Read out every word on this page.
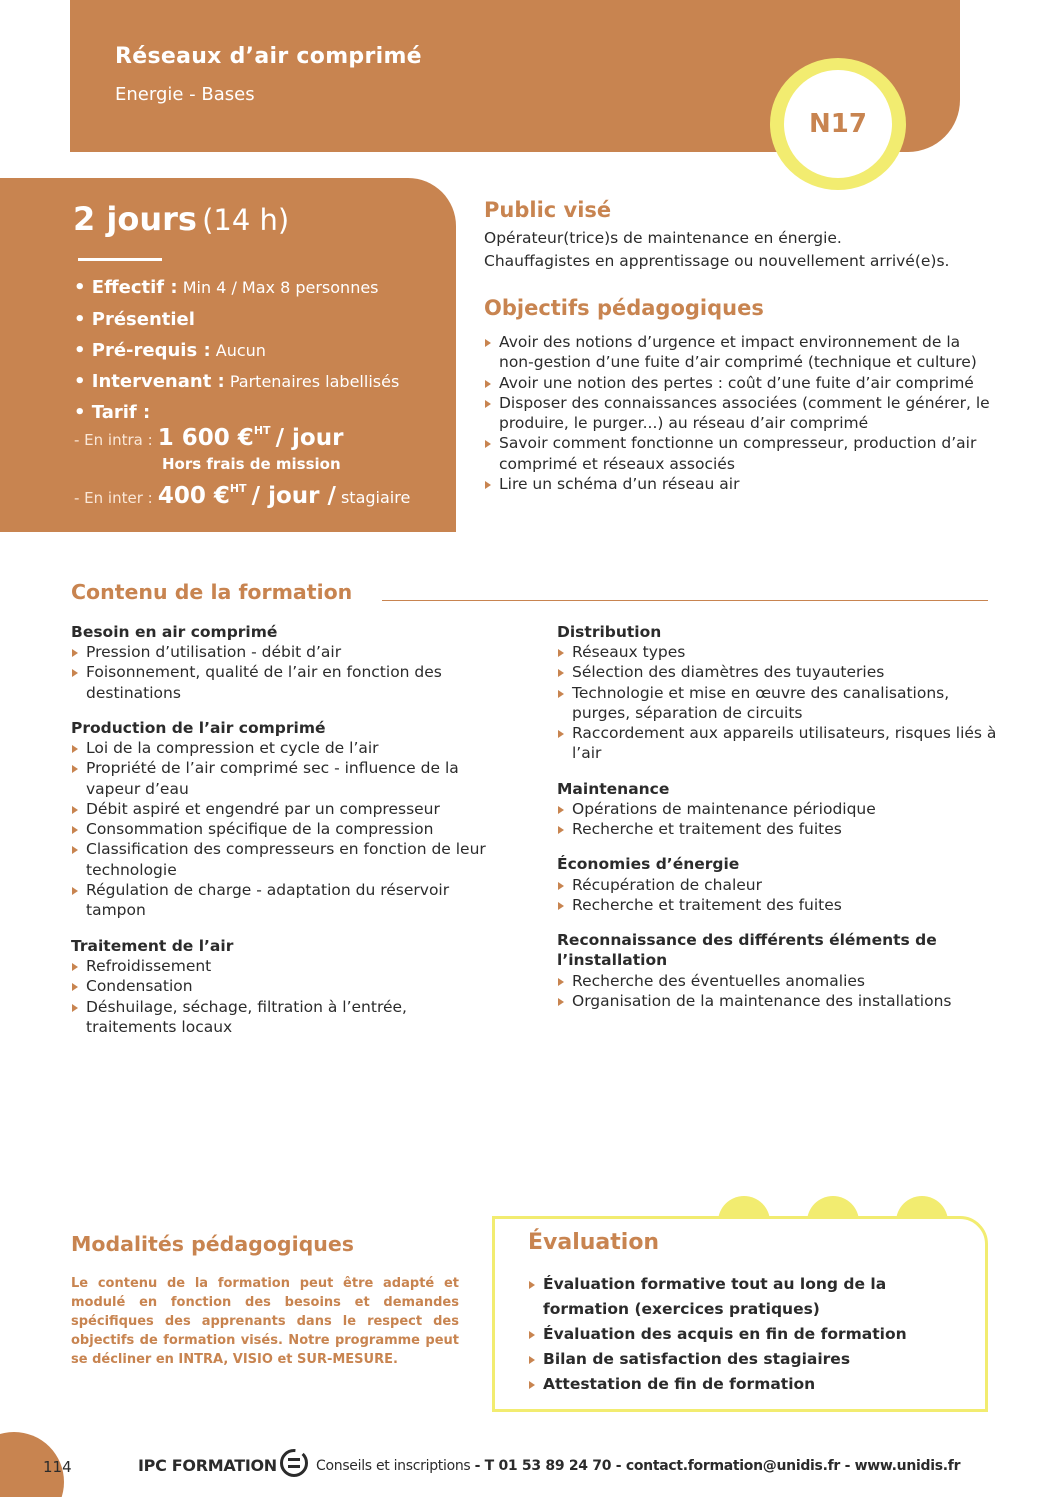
Réseaux d’air comprimé
Energie - Bases
N17
2 jours (14 h)
• Effectif : Min 4 / Max 8 personnes
• Présentiel
• Pré-requis : Aucun
• Intervenant : Partenaires labellisés
• Tarif :
- En intra : 1 600 €$^{HT}$ / jour
Hors frais de mission
- En inter : 400 €$^{HT}$ / jour / stagiaire
Public visé
Opérateur(trice)s de maintenance en énergie.
Chauffagistes en apprentissage ou nouvellement arrivé(e)s.
Objectifs pédagogiques
Avoir des notions d’urgence et impact environnement de la non-gestion d’une fuite d’air comprimé (technique et culture)
Avoir une notion des pertes : coût d’une fuite d’air comprimé
Disposer des connaissances associées (comment le générer, le produire, le purger...) au réseau d’air comprimé
Savoir comment fonctionne un compresseur, production d’air comprimé et réseaux associés
Lire un schéma d’un réseau air
Contenu de la formation
Besoin en air comprimé
Pression d’utilisation - débit d’air
Foisonnement, qualité de l’air en fonction des destinations
Production de l’air comprimé
Loi de la compression et cycle de l’air
Propriété de l’air comprimé sec - influence de la vapeur d’eau
Débit aspiré et engendré par un compresseur
Consommation spécifique de la compression
Classification des compresseurs en fonction de leur technologie
Régulation de charge - adaptation du réservoir tampon
Traitement de l’air
Refroidissement
Condensation
Déshuilage, séchage, filtration à l’entrée, traitements locaux
Distribution
Réseaux types
Sélection des diamètres des tuyauteries
Technologie et mise en œuvre des canalisations, purges, séparation de circuits
Raccordement aux appareils utilisateurs, risques liés à l’air
Maintenance
Opérations de maintenance périodique
Recherche et traitement des fuites
Économies d’énergie
Récupération de chaleur
Recherche et traitement des fuites
Reconnaissance des différents éléments de l’installation
Recherche des éventuelles anomalies
Organisation de la maintenance des installations
Modalités pédagogiques
Le contenu de la formation peut être adapté et modulé en fonction des besoins et demandes spécifiques des apprenants dans le respect des objectifs de formation visés. Notre programme peut se décliner en INTRA, VISIO et SUR-MESURE.
Évaluation
Évaluation formative tout au long de la formation (exercices pratiques)
Évaluation des acquis en fin de formation
Bilan de satisfaction des stagiaires
Attestation de fin de formation
114	IPC FORMATION	Conseils et inscriptions - T 01 53 89 24 70 - contact.formation@unidis.fr - www.unidis.fr
